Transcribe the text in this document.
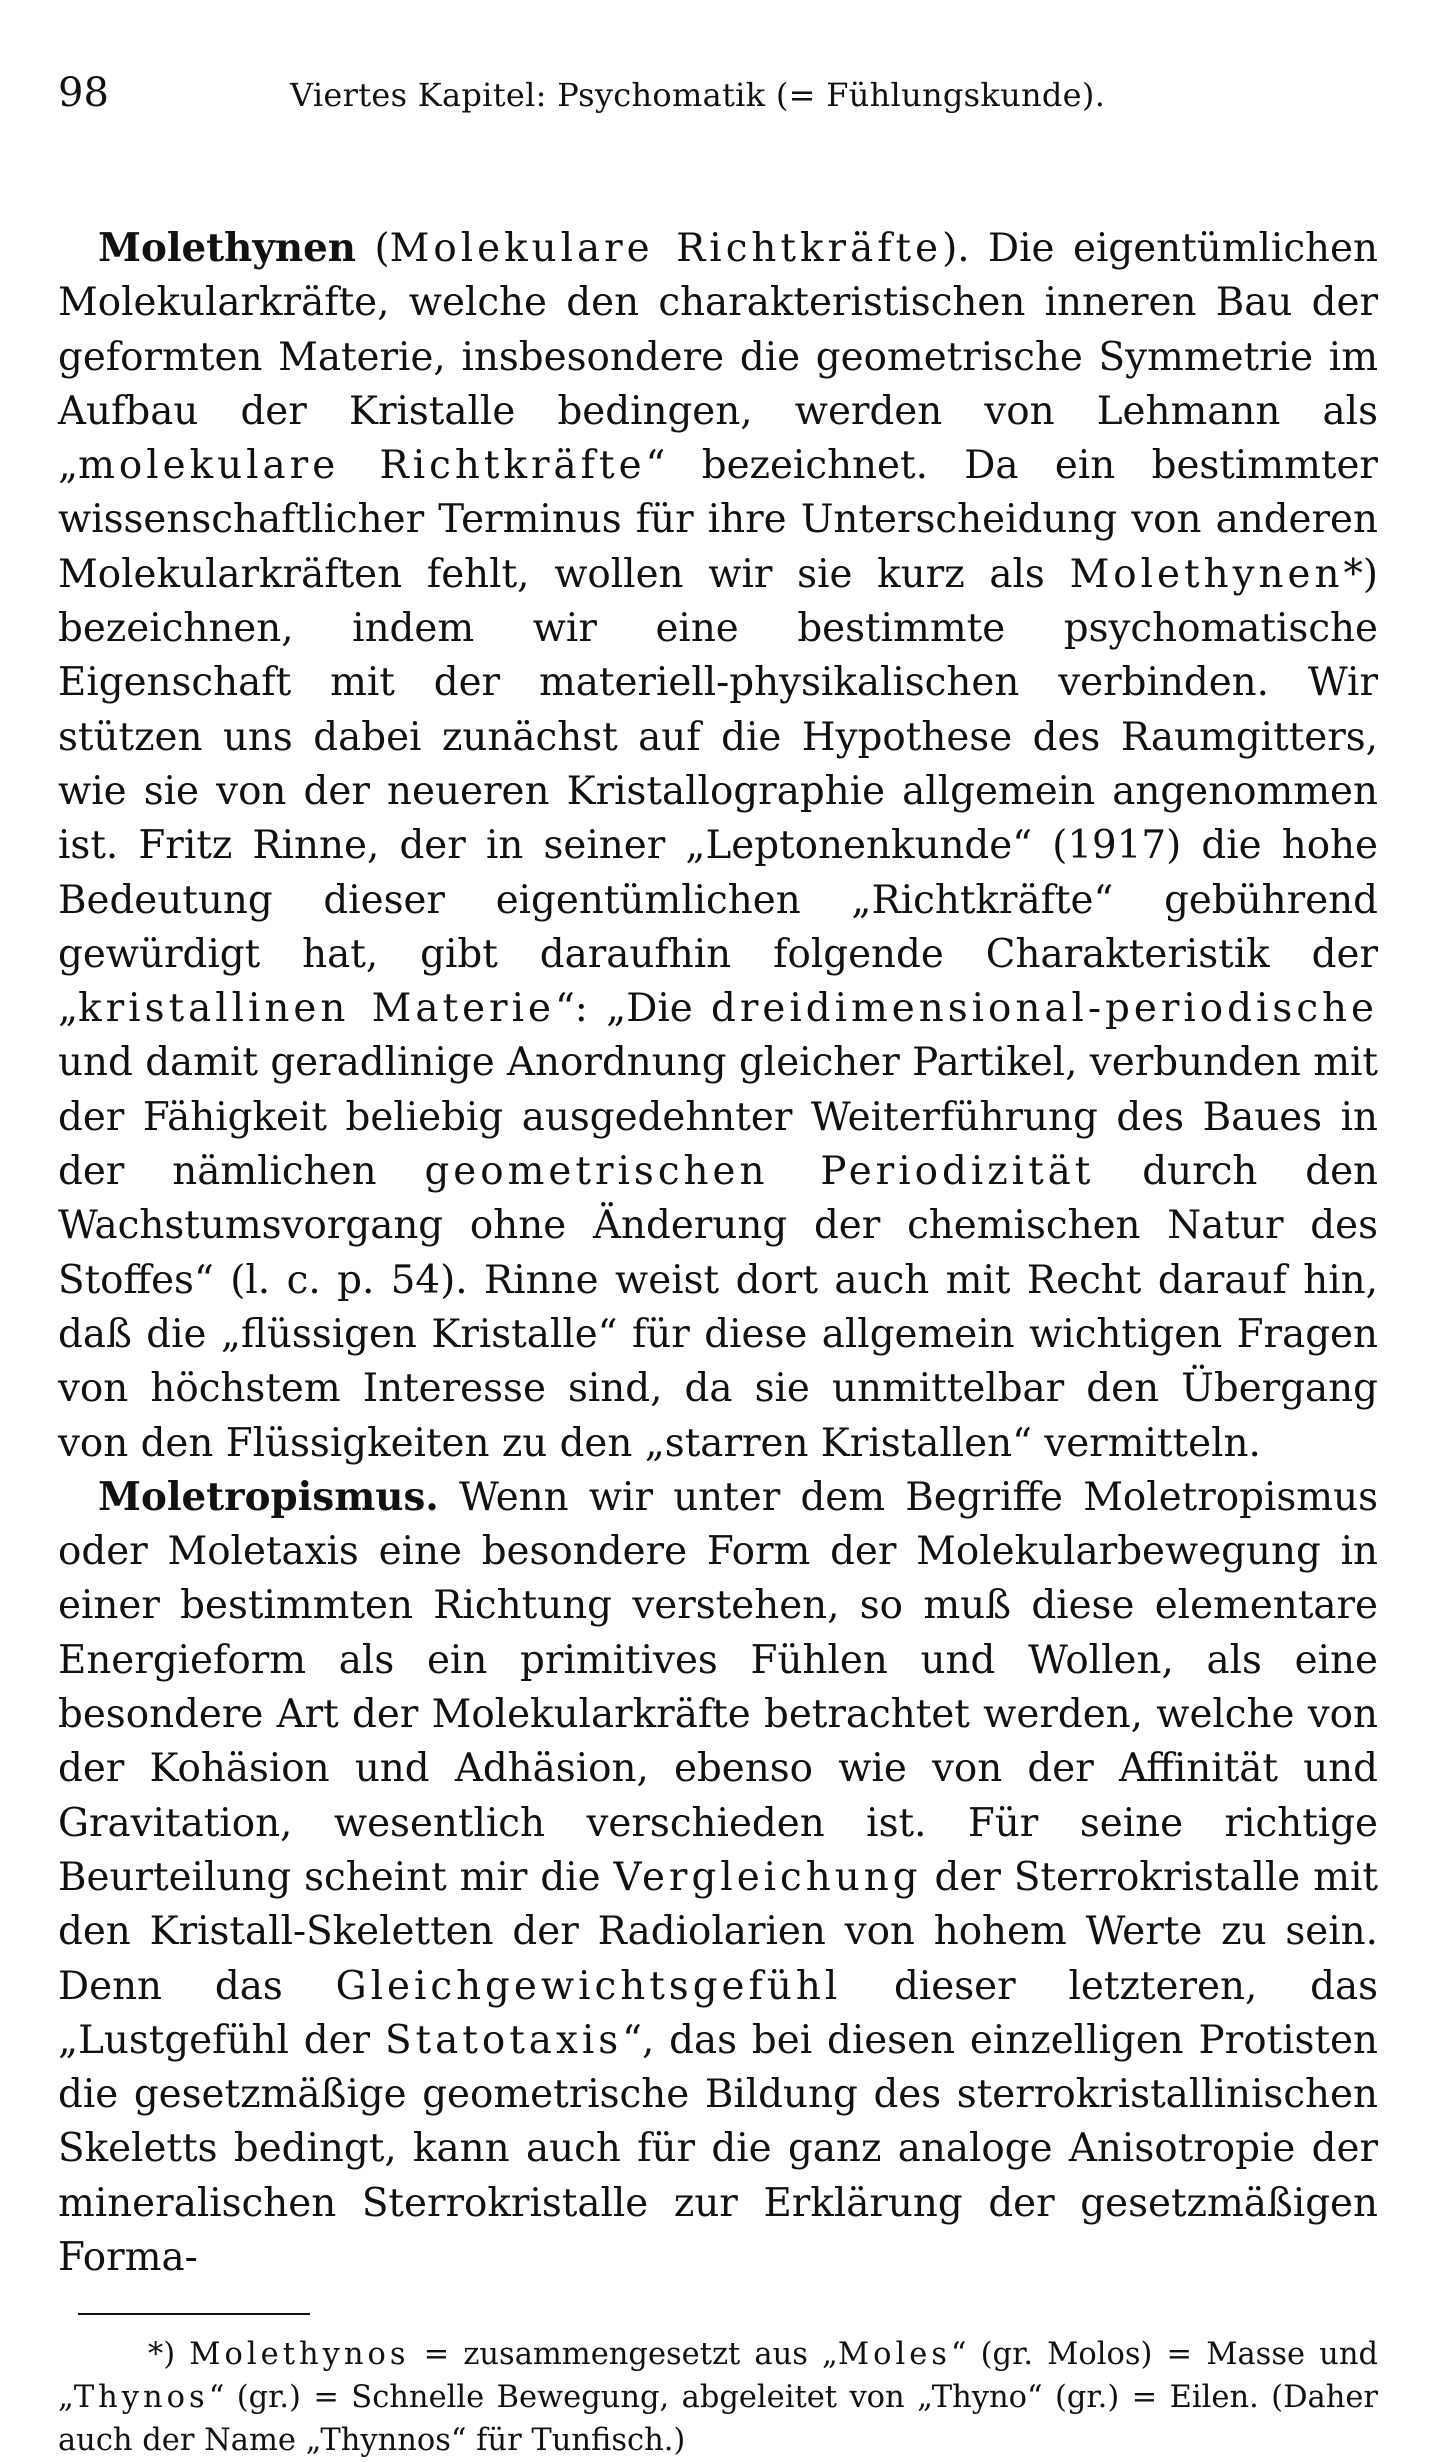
98	Viertes Kapitel: Psychomatik (= Fühlungskunde).

Molethynen (Molekulare Richtkräfte). Die eigentümlichen Molekularkräfte, welche den charakteristischen inneren Bau der geformten Materie, insbesondere die geometrische Symmetrie im Aufbau der Kristalle bedingen, werden von Lehmann als „molekulare Richtkräfte“ bezeichnet. Da ein bestimmter wissenschaftlicher Terminus für ihre Unterscheidung von anderen Molekularkräften fehlt, wollen wir sie kurz als Molethynen*) bezeichnen, indem wir eine bestimmte psychomatische Eigenschaft mit der materiell-physikalischen verbinden. Wir stützen uns dabei zunächst auf die Hypothese des Raumgitters, wie sie von der neueren Kristallographie allgemein angenommen ist. Fritz Rinne, der in seiner „Leptonenkunde“ (1917) die hohe Bedeutung dieser eigentümlichen „Richtkräfte“ gebührend gewürdigt hat, gibt daraufhin folgende Charakteristik der „kristallinen Materie“: „Die dreidimensional-periodische und damit geradlinige Anordnung gleicher Partikel, verbunden mit der Fähigkeit beliebig ausgedehnter Weiterführung des Baues in der nämlichen geometrischen Periodizität durch den Wachstumsvorgang ohne Änderung der chemischen Natur des Stoffes“ (l. c. p. 54). Rinne weist dort auch mit Recht darauf hin, daß die „flüssigen Kristalle“ für diese allgemein wichtigen Fragen von höchstem Interesse sind, da sie unmittelbar den Übergang von den Flüssigkeiten zu den „starren Kristallen“ vermitteln.

Moletropismus. Wenn wir unter dem Begriffe Moletropismus oder Moletaxis eine besondere Form der Molekularbewegung in einer bestimmten Richtung verstehen, so muß diese elementare Energieform als ein primitives Fühlen und Wollen, als eine besondere Art der Molekularkräfte betrachtet werden, welche von der Kohäsion und Adhäsion, ebenso wie von der Affinität und Gravitation, wesentlich verschieden ist. Für seine richtige Beurteilung scheint mir die Vergleichung der Sterrokristalle mit den Kristall-Skeletten der Radiolarien von hohem Werte zu sein. Denn das Gleichgewichtsgefühl dieser letzteren, das „Lustgefühl der Statotaxis“, das bei diesen einzelligen Protisten die gesetzmäßige geometrische Bildung des sterrokristallinischen Skeletts bedingt, kann auch für die ganz analoge Anisotropie der mineralischen Sterrokristalle zur Erklärung der gesetzmäßigen Forma-

*) Molethynos = zusammengesetzt aus „Moles“ (gr. Molos) = Masse und „Thynos“ (gr.) = Schnelle Bewegung, abgeleitet von „Thyno“ (gr.) = Eilen. (Daher auch der Name „Thynnos“ für Tunfisch.)
